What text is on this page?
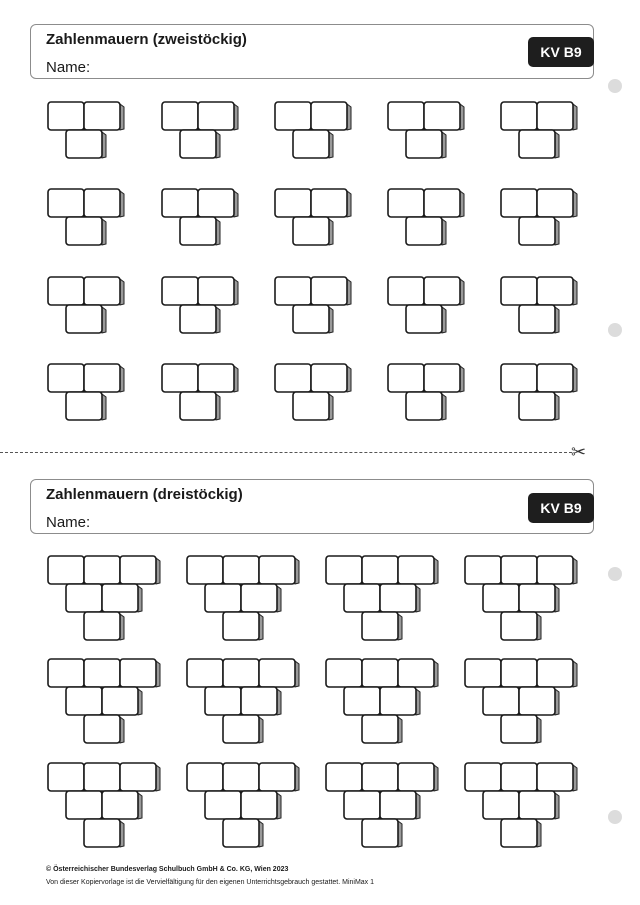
Zahlenmauern (zweistöckig)
Name:
KV B9
✂
Zahlenmauern (dreistöckig)
Name:
KV B9
© Österreichischer Bundesverlag Schulbuch GmbH & Co. KG, Wien 2023
Von dieser Kopiervorlage ist die Vervielfältigung für den eigenen Unterrichtsgebrauch gestattet. MiniMax 1
